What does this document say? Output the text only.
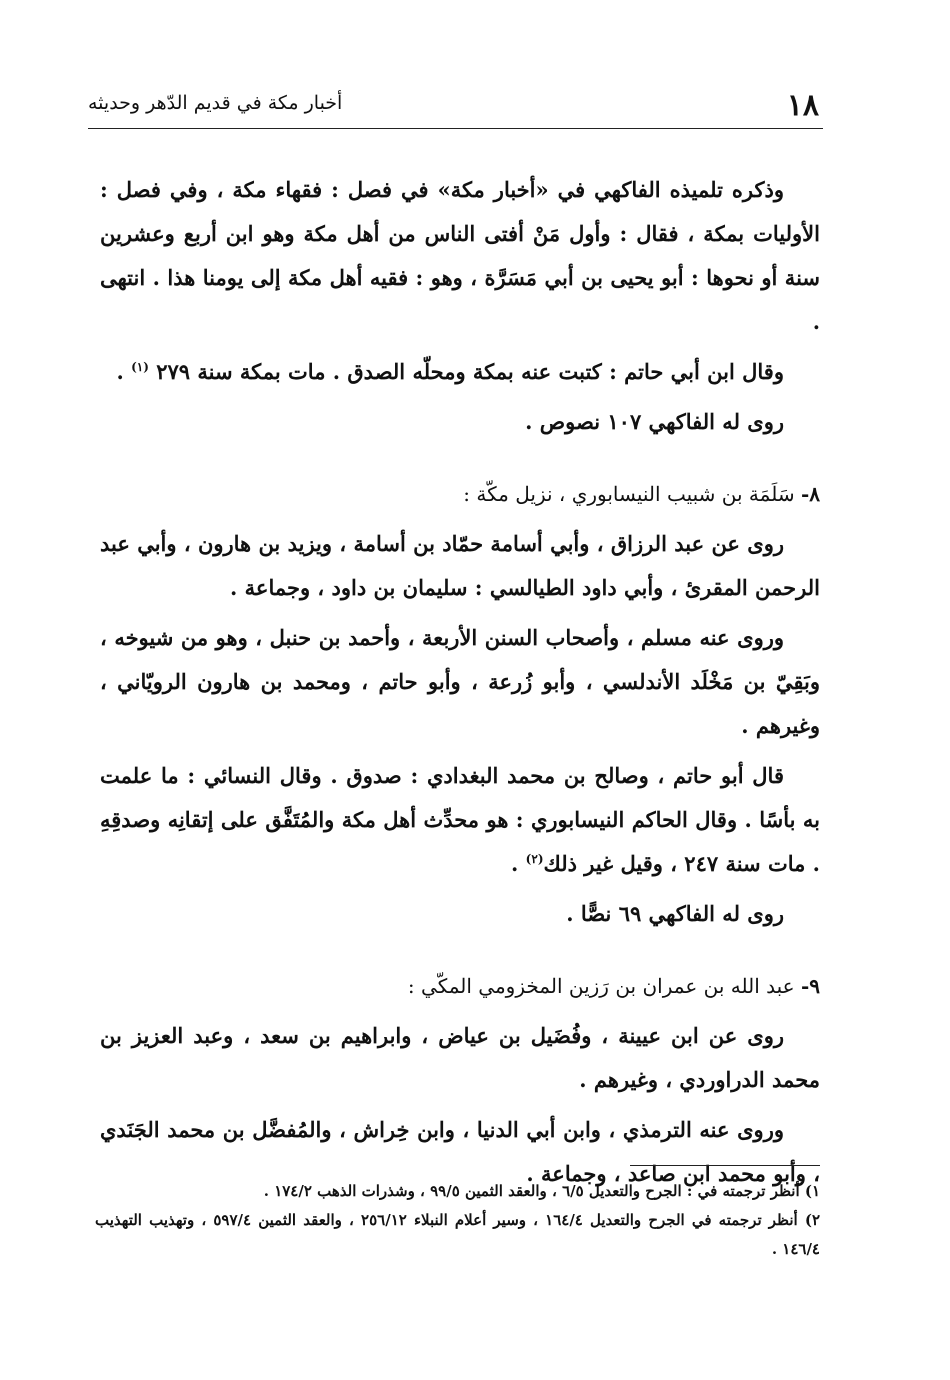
١٨
أخبار مكة في قديم الدّهر وحديثه

وذكره تلميذه الفاكهي في «أخبار مكة» في فصل : فقهاء مكة ، وفي فصل : الأوليات بمكة ، فقال : وأول مَنْ أفتى الناس من أهل مكة وهو ابن أربع وعشرين سنة أو نحوها : أبو يحيى بن أبي مَسَرَّة ، وهو : فقيه أهل مكة إلى يومنا هذا . انتهى .

وقال ابن أبي حاتم : كتبت عنه بمكة ومحلّه الصدق . مات بمكة سنة ٢٧٩ $^{(١)}$ .

روى له الفاكهي ١٠٧ نصوص .

٨- سَلَمَة بن شبيب النيسابوري ، نزيل مكّة :

روى عن عبد الرزاق ، وأبي أسامة حمّاد بن أسامة ، ويزيد بن هارون ، وأبي عبد الرحمن المقرئ ، وأبي داود الطيالسي : سليمان بن داود ، وجماعة .

وروى عنه مسلم ، وأصحاب السنن الأربعة ، وأحمد بن حنبل ، وهو من شيوخه ، وبَقِيّ بن مَخْلَد الأندلسي ، وأبو زُرعة ، وأبو حاتم ، ومحمد بن هارون الرويّاني ، وغيرهم .

قال أبو حاتم ، وصالح بن محمد البغدادي : صدوق . وقال النسائي : ما علمت به بأسًا . وقال الحاكم النيسابوري : هو محدِّث أهل مكة والمُتَفَّق على إتقانِه وصدقِهِ . مات سنة ٢٤٧ ، وقيل غير ذلك$^{(٢)}$ .

روى له الفاكهي ٦٩ نصًّا .

٩- عبد الله بن عمران بن رَزين المخزومي المكّي :

روى عن ابن عيينة ، وفُضَيل بن عياض ، وابراهيم بن سعد ، وعبد العزيز بن محمد الدراوردي ، وغيرهم .

وروى عنه الترمذي ، وابن أبي الدنيا ، وابن خِراش ، والمُفضَّل بن محمد الجَنَدي ، وأبو محمد ابن صاعد ، وجماعة .

١) أنظر ترجمته في : الجرح والتعديل ٦/٥ ، والعقد الثمين ٩٩/٥ ، وشذرات الذهب ١٧٤/٢ .

٢) أنظر ترجمته في الجرح والتعديل ١٦٤/٤ ، وسير أعلام النبلاء ٢٥٦/١٢ ، والعقد الثمين ٥٩٧/٤ ، وتهذيب التهذيب ١٤٦/٤ .
